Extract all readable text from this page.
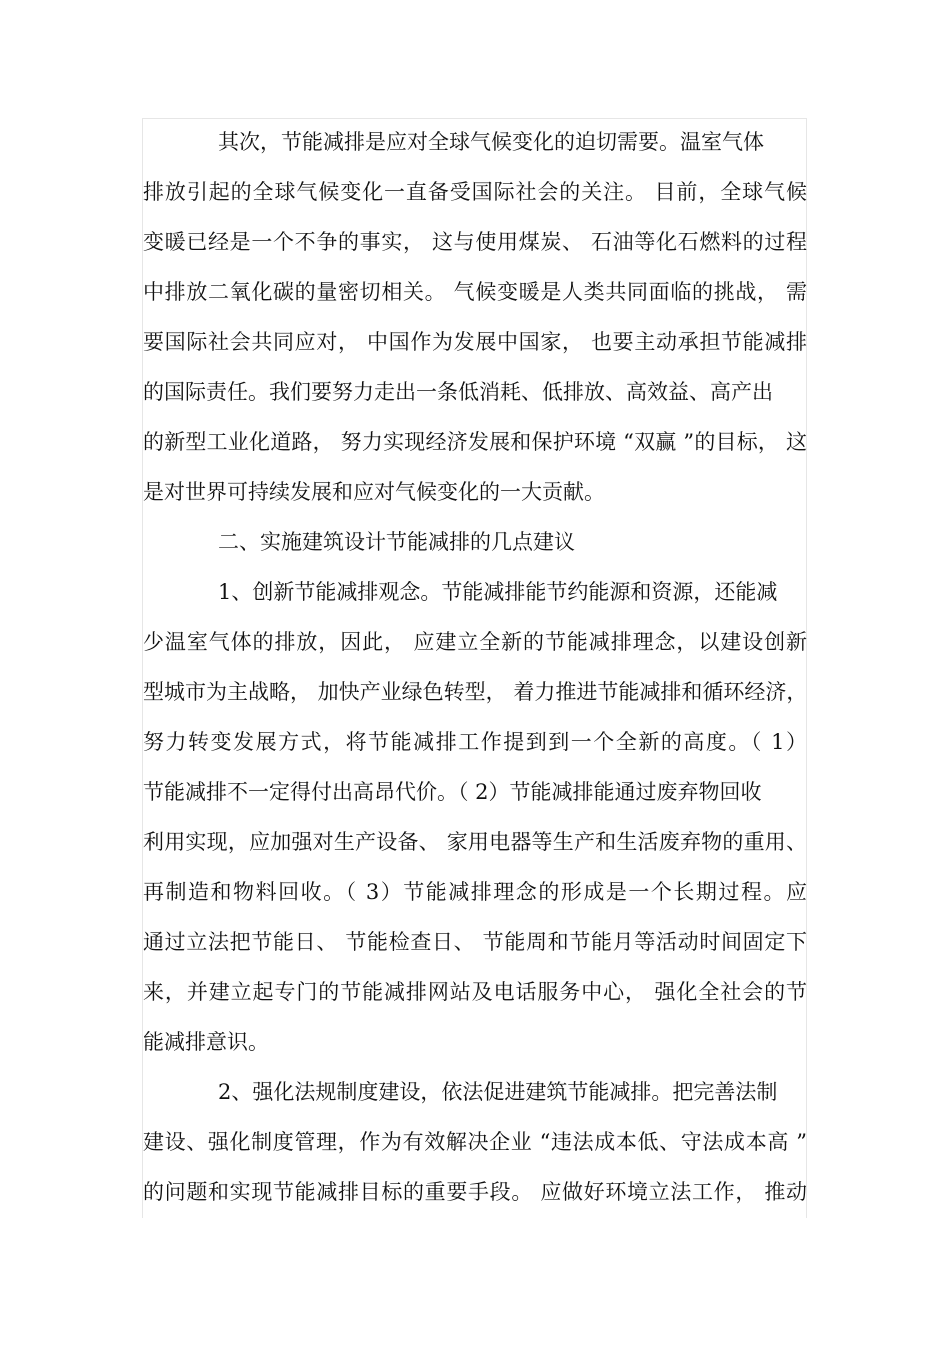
其次，节能减排是应对全球气候变化的迫切需要。温室气体
排放引起的全球气候变化一直备受国际社会的关注。 目前，全球气候
变暖已经是一个不争的事实， 这与使用煤炭、 石油等化石燃料的过程
中排放二氧化碳的量密切相关。 气候变暖是人类共同面临的挑战， 需
要国际社会共同应对， 中国作为发展中国家， 也要主动承担节能减排
的国际责任。我们要努力走出一条低消耗、低排放、高效益、高产出
的新型工业化道路， 努力实现经济发展和保护环境 “双赢 ”的目标， 这
是对世界可持续发展和应对气候变化的一大贡献。
二、实施建筑设计节能减排的几点建议
1、创新节能减排观念。节能减排能节约能源和资源，还能减
少温室气体的排放，因此， 应建立全新的节能减排理念，以建设创新
型城市为主战略， 加快产业绿色转型， 着力推进节能减排和循环经济，
努力转变发展方式，将节能减排工作提到到一个全新的高度。（ 1）
节能减排不一定得付出高昂代价。（ 2）节能减排能通过废弃物回收
利用实现，应加强对生产设备、 家用电器等生产和生活废弃物的重用、
再制造和物料回收。（ 3）节能减排理念的形成是一个长期过程。应
通过立法把节能日、 节能检查日、 节能周和节能月等活动时间固定下
来，并建立起专门的节能减排网站及电话服务中心， 强化全社会的节
能减排意识。
2、强化法规制度建设，依法促进建筑节能减排。把完善法制
建设、强化制度管理，作为有效解决企业 “违法成本低、守法成本高 ”
的问题和实现节能减排目标的重要手段。 应做好环境立法工作， 推动
